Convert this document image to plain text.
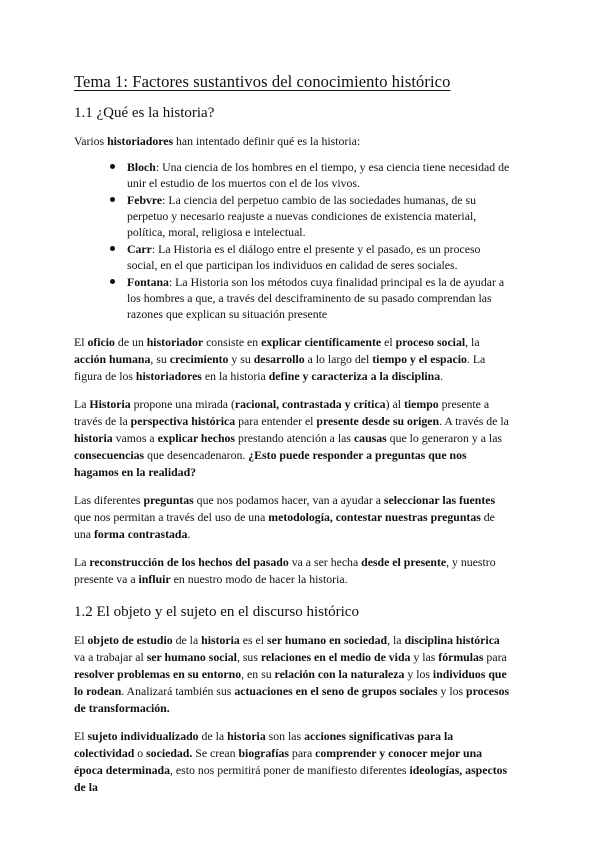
Tema 1: Factores sustantivos del conocimiento histórico
1.1 ¿Qué es la historia?

Varios historiadores han intentado definir qué es la historia:

Bloch: Una ciencia de los hombres en el tiempo, y esa ciencia tiene necesidad de unir el estudio de los muertos con el de los vivos.
Febvre: La ciencia del perpetuo cambio de las sociedades humanas, de su perpetuo y necesario reajuste a nuevas condiciones de existencia material, política, moral, religiosa e intelectual.
Carr: La Historia es el diálogo entre el presente y el pasado, es un proceso social, en el que participan los individuos en calidad de seres sociales.
Fontana: La Historia son los métodos cuya finalidad principal es la de ayudar a los hombres a que, a través del desciframinento de su pasado comprendan las razones que explican su situación presente

El oficio de un historiador consiste en explicar científicamente el proceso social, la acción humana, su crecimiento y su desarrollo a lo largo del tiempo y el espacio. La figura de los historiadores en la historia define y caracteriza a la disciplina.

La Historia propone una mirada (racional, contrastada y crítica) al tiempo presente a través de la perspectiva histórica para entender el presente desde su origen. A través de la historia vamos a explicar hechos prestando atención a las causas que lo generaron y a las consecuencias que desencadenaron. ¿Esto puede responder a preguntas que nos hagamos en la realidad?

Las diferentes preguntas que nos podamos hacer, van a ayudar a seleccionar las fuentes que nos permitan a través del uso de una metodología, contestar nuestras preguntas de una forma contrastada.

La reconstrucción de los hechos del pasado va a ser hecha desde el presente, y nuestro presente va a influir en nuestro modo de hacer la historia.

1.2 El objeto y el sujeto en el discurso histórico

El objeto de estudio de la historia es el ser humano en sociedad, la disciplina histórica va a trabajar al ser humano social, sus relaciones en el medio de vida y las fórmulas para resolver problemas en su entorno, en su relación con la naturaleza y los individuos que lo rodean. Analizará también sus actuaciones en el seno de grupos sociales y los procesos de transformación.

El sujeto individualizado de la historia son las acciones significativas para la colectividad o sociedad. Se crean biografías para comprender y conocer mejor una época determinada, esto nos permitirá poner de manifiesto diferentes ideologías, aspectos de la
